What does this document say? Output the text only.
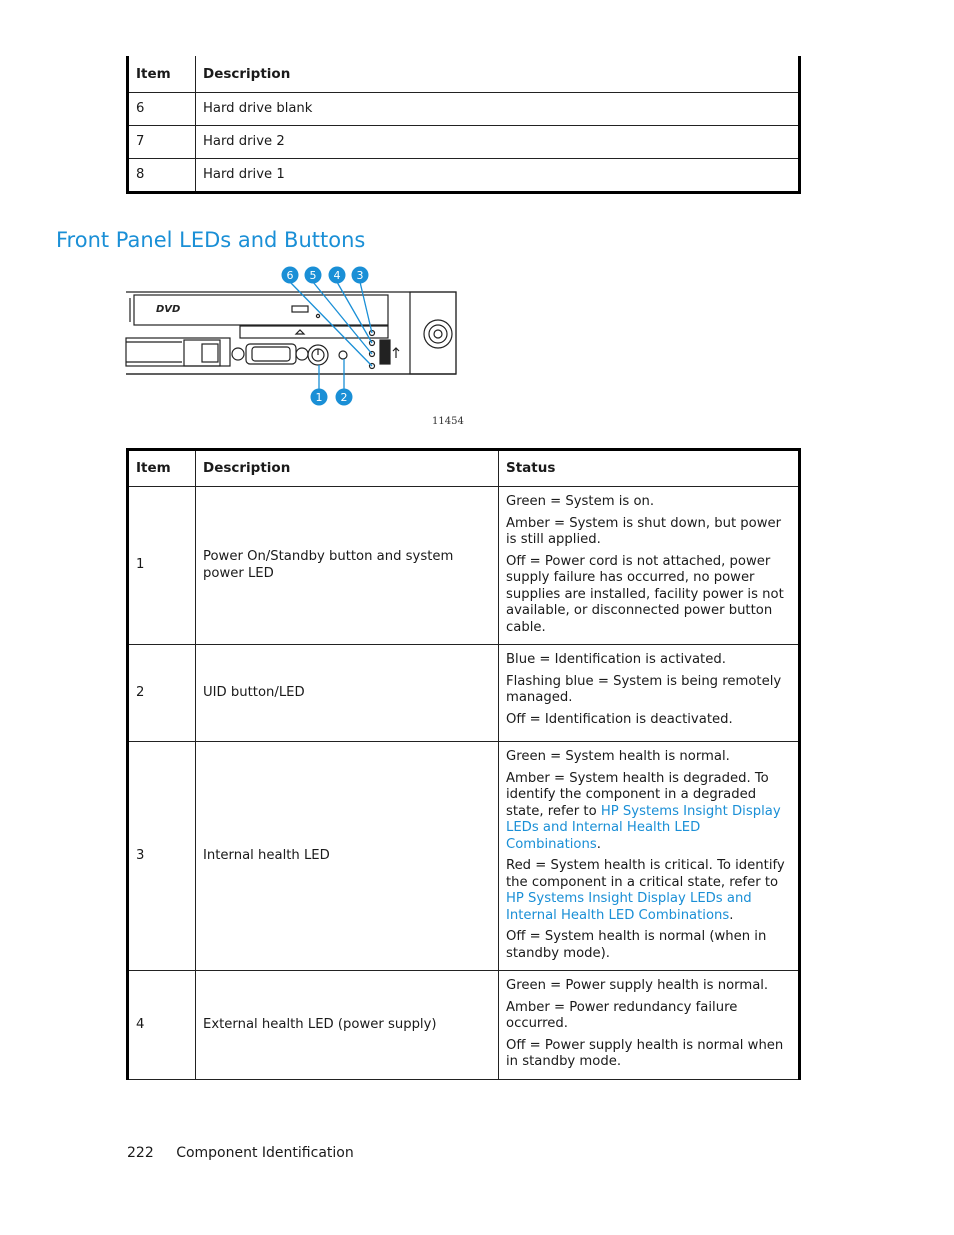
Item	Description
6	Hard drive blank
7	Hard drive 2
8	Hard drive 1
Front Panel LEDs and Buttons
DVD
6 5 4 3
1 2
11454
Item	Description	Status
1	Power On/Standby button and system power LED	Green = System is on.

Amber = System is shut down, but power is still applied.

Off = Power cord is not attached, power supply failure has occurred, no power supplies are installed, facility power is not available, or disconnected power button cable.

2	UID button/LED	Blue = Identification is activated.

Flashing blue = System is being remotely managed.

Off = Identification is deactivated.

3	Internal health LED	Green = System health is normal.

Amber = System health is degraded. To identify the component in a degraded state, refer to HP Systems Insight Display LEDs and Internal Health LED Combinations.

Red = System health is critical. To identify the component in a critical state, refer to HP Systems Insight Display LEDs and Internal Health LED Combinations.

Off = System health is normal (when in standby mode).

4	External health LED (power supply)	Green = Power supply health is normal.

Amber = Power redundancy failure occurred.

Off = Power supply health is normal when in standby mode.

222 Component Identification
